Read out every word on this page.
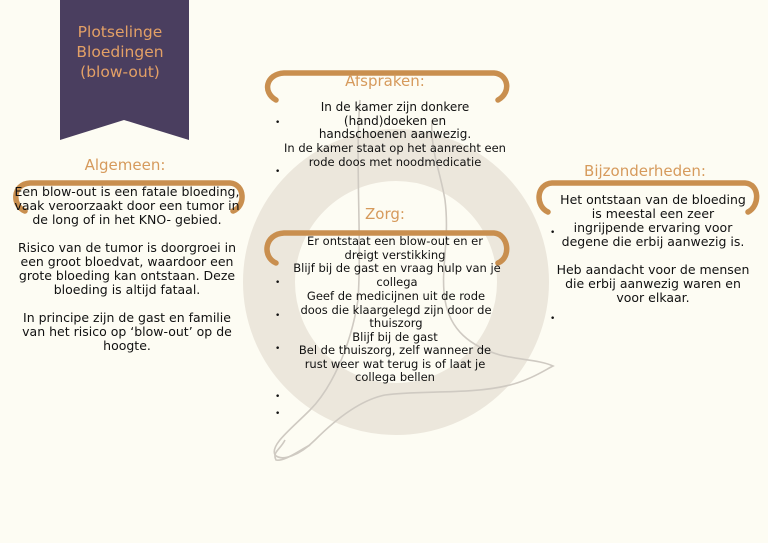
Plotselinge
Bloedingen
(blow-out)
Algemeen:

Een blow-out is een fatale bloeding, vaak veroorzaakt door een tumor in de long of in het KNO- gebied.

Risico van de tumor is doorgroei in een groot bloedvat, waardoor een grote bloeding kan ontstaan. Deze bloeding is altijd fataal.

In principe zijn de gast en familie van het risico op ‘blow-out’ op de hoogte.

Afspraken:
In de kamer zijn donkere (hand)doeken en handschoenen aanwezig.
In de kamer staat op het aanrecht een rode doos met noodmedicatie
•
•
Zorg:
Er ontstaat een blow-out en er dreigt verstikking
Blijf bij de gast en vraag hulp van je collega
Geef de medicijnen uit de rode doos die klaargelegd zijn door de thuiszorg
Blijf bij de gast
Bel de thuiszorg, zelf wanneer de rust weer wat terug is of laat je collega bellen
•
•
•
•
•
Bijzonderheden:

Het ontstaan van de bloeding is meestal een zeer ingrijpende ervaring voor degene die erbij aanwezig is.

Heb aandacht voor de mensen die erbij aanwezig waren en voor elkaar.

•
•
